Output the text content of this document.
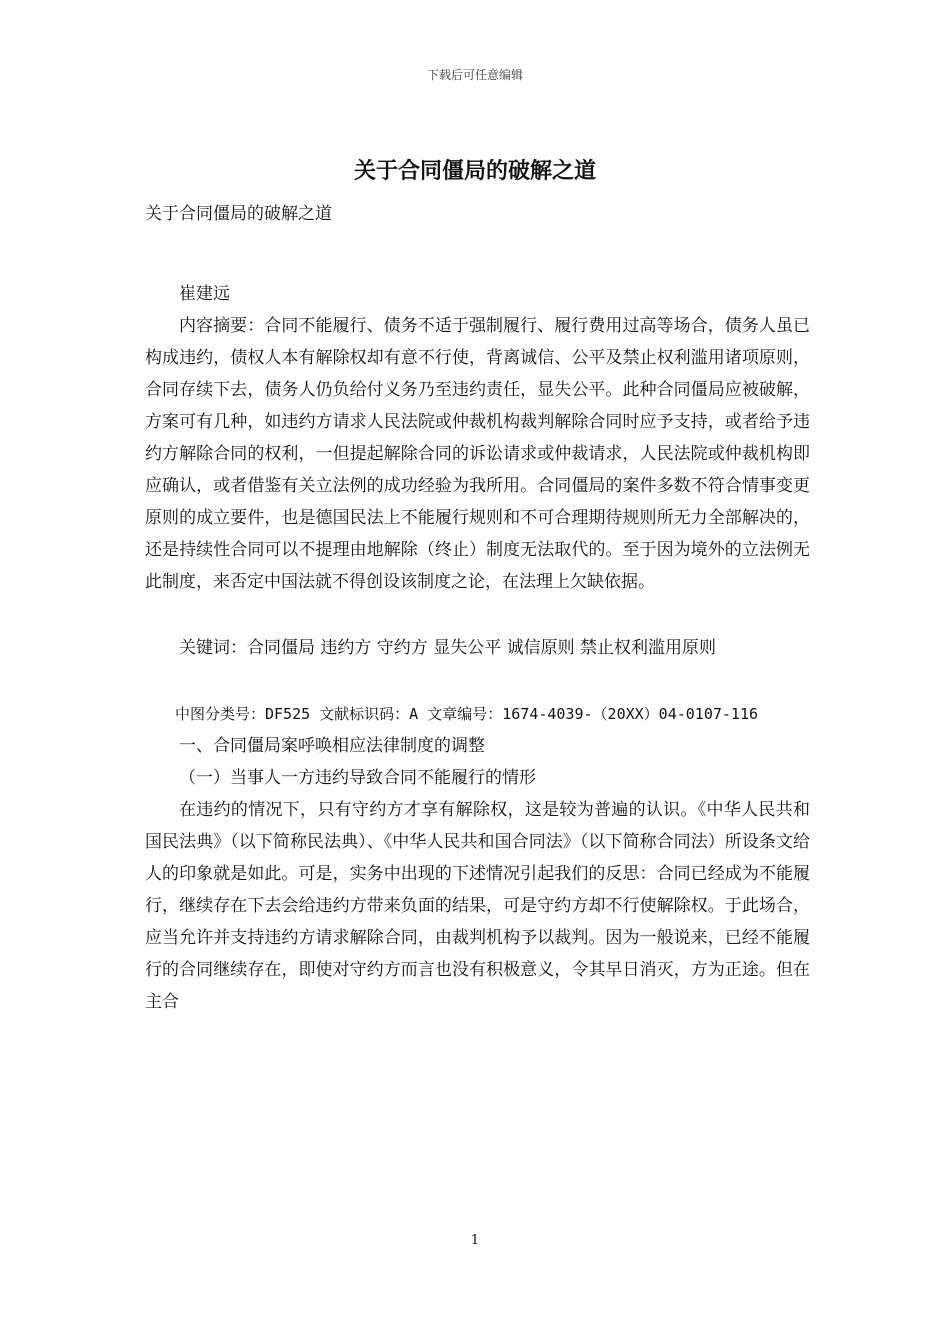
下载后可任意编辑
关于合同僵局的破解之道

关于合同僵局的破解之道

崔建远

内容摘要：合同不能履行、债务不适于强制履行、履行费用过高等场合，债务人虽已构成违约，债权人本有解除权却有意不行使，背离诚信、公平及禁止权利滥用诸项原则，合同存续下去，债务人仍负给付义务乃至违约责任，显失公平。此种合同僵局应被破解，方案可有几种，如违约方请求人民法院或仲裁机构裁判解除合同时应予支持，或者给予违约方解除合同的权利，一但提起解除合同的诉讼请求或仲裁请求，人民法院或仲裁机构即应确认，或者借鉴有关立法例的成功经验为我所用。合同僵局的案件多数不符合情事变更原则的成立要件，也是德国民法上不能履行规则和不可合理期待规则所无力全部解决的，还是持续性合同可以不提理由地解除（终止）制度无法取代的。至于因为境外的立法例无此制度，来否定中国法就不得创设该制度之论，在法理上欠缺依据。

关键词：合同僵局 违约方 守约方 显失公平 诚信原则 禁止权利滥用原则

中图分类号：DF525 文献标识码：A 文章编号：1674-4039-（20XX）04-0107-116

一、合同僵局案呼唤相应法律制度的调整

（一）当事人一方违约导致合同不能履行的情形

在违约的情况下，只有守约方才享有解除权，这是较为普遍的认识。《中华人民共和国民法典》（以下简称民法典）、《中华人民共和国合同法》（以下简称合同法）所设条文给人的印象就是如此。可是，实务中出现的下述情况引起我们的反思：合同已经成为不能履行，继续存在下去会给违约方带来负面的结果，可是守约方却不行使解除权。于此场合，应当允许并支持违约方请求解除合同，由裁判机构予以裁判。因为一般说来，已经不能履行的合同继续存在，即使对守约方而言也没有积极意义，令其早日消灭，方为正途。但在主合

1
